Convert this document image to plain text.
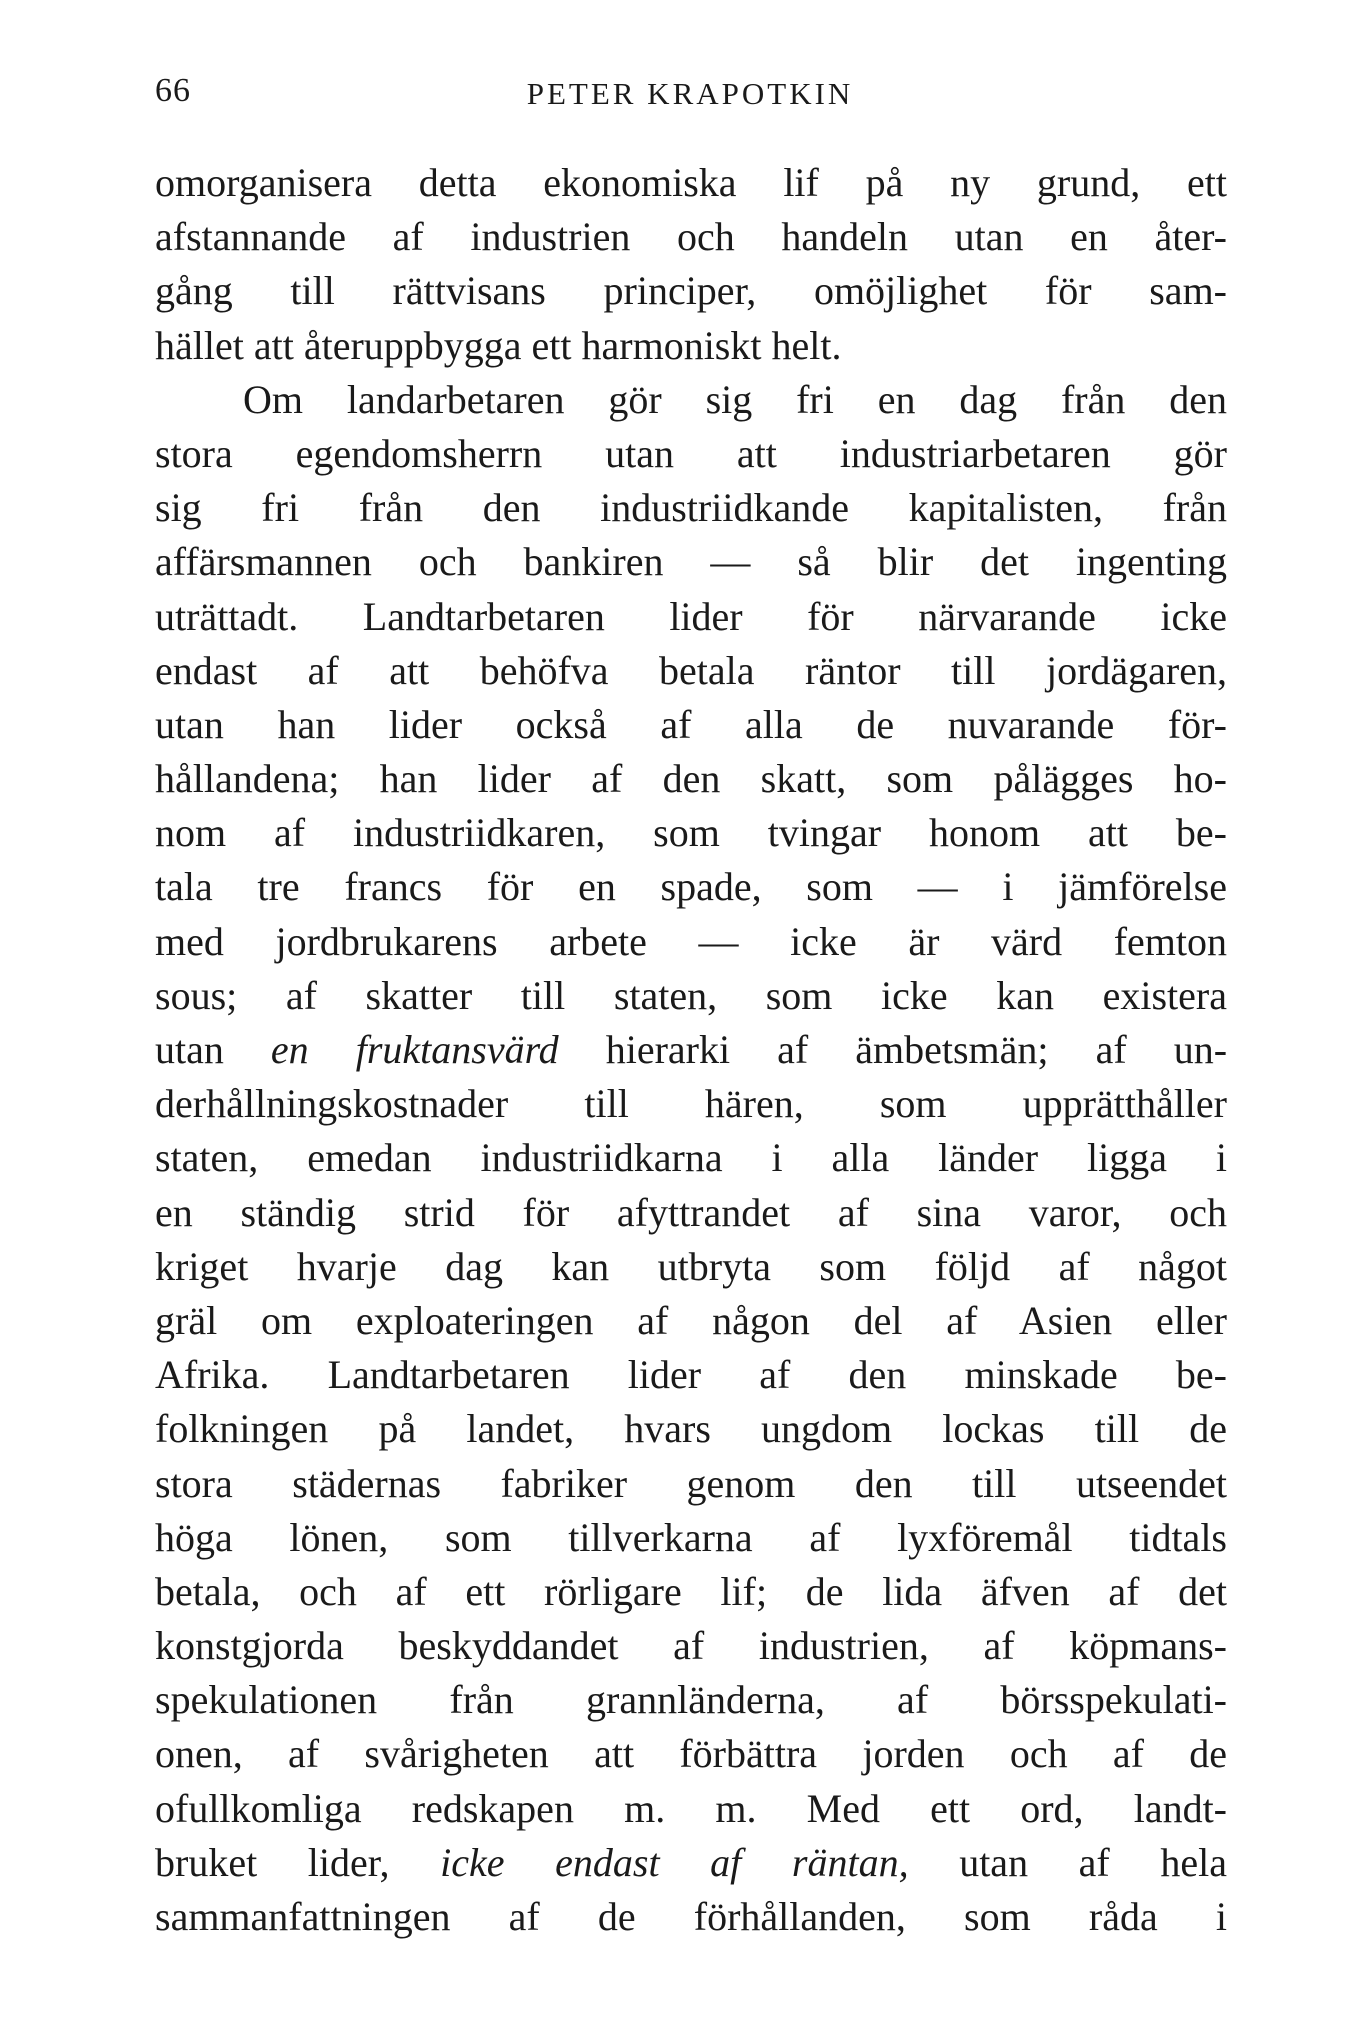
66	PETER KRAPOTKIN
omorganisera detta ekonomiska lif på ny grund, ett
afstannande af industrien och handeln utan en åter-
gång till rättvisans principer, omöjlighet för sam-
hället att återuppbygga ett harmoniskt helt.
Om landarbetaren gör sig fri en dag från den
stora egendomsherrn utan att industriarbetaren gör
sig fri från den industriidkande kapitalisten, från
affärsmannen och bankiren — så blir det ingenting
uträttadt. Landtarbetaren lider för närvarande icke
endast af att behöfva betala räntor till jordägaren,
utan han lider också af alla de nuvarande för-
hållandena; han lider af den skatt, som pålägges ho-
nom af industriidkaren, som tvingar honom att be-
tala tre francs för en spade, som — i jämförelse
med jordbrukarens arbete — icke är värd femton
sous; af skatter till staten, som icke kan existera
utan en fruktansvärd hierarki af ämbetsmän; af un-
derhållningskostnader till hären, som upprätthåller
staten, emedan industriidkarna i alla länder ligga i
en ständig strid för afyttrandet af sina varor, och
kriget hvarje dag kan utbryta som följd af något
gräl om exploateringen af någon del af Asien eller
Afrika. Landtarbetaren lider af den minskade be-
folkningen på landet, hvars ungdom lockas till de
stora städernas fabriker genom den till utseendet
höga lönen, som tillverkarna af lyxföremål tidtals
betala, och af ett rörligare lif; de lida äfven af det
konstgjorda beskyddandet af industrien, af köpmans-
spekulationen från grannländerna, af börsspekulati-
onen, af svårigheten att förbättra jorden och af de
ofullkomliga redskapen m. m. Med ett ord, landt-
bruket lider, icke endast af räntan, utan af hela
sammanfattningen af de förhållanden, som råda i
